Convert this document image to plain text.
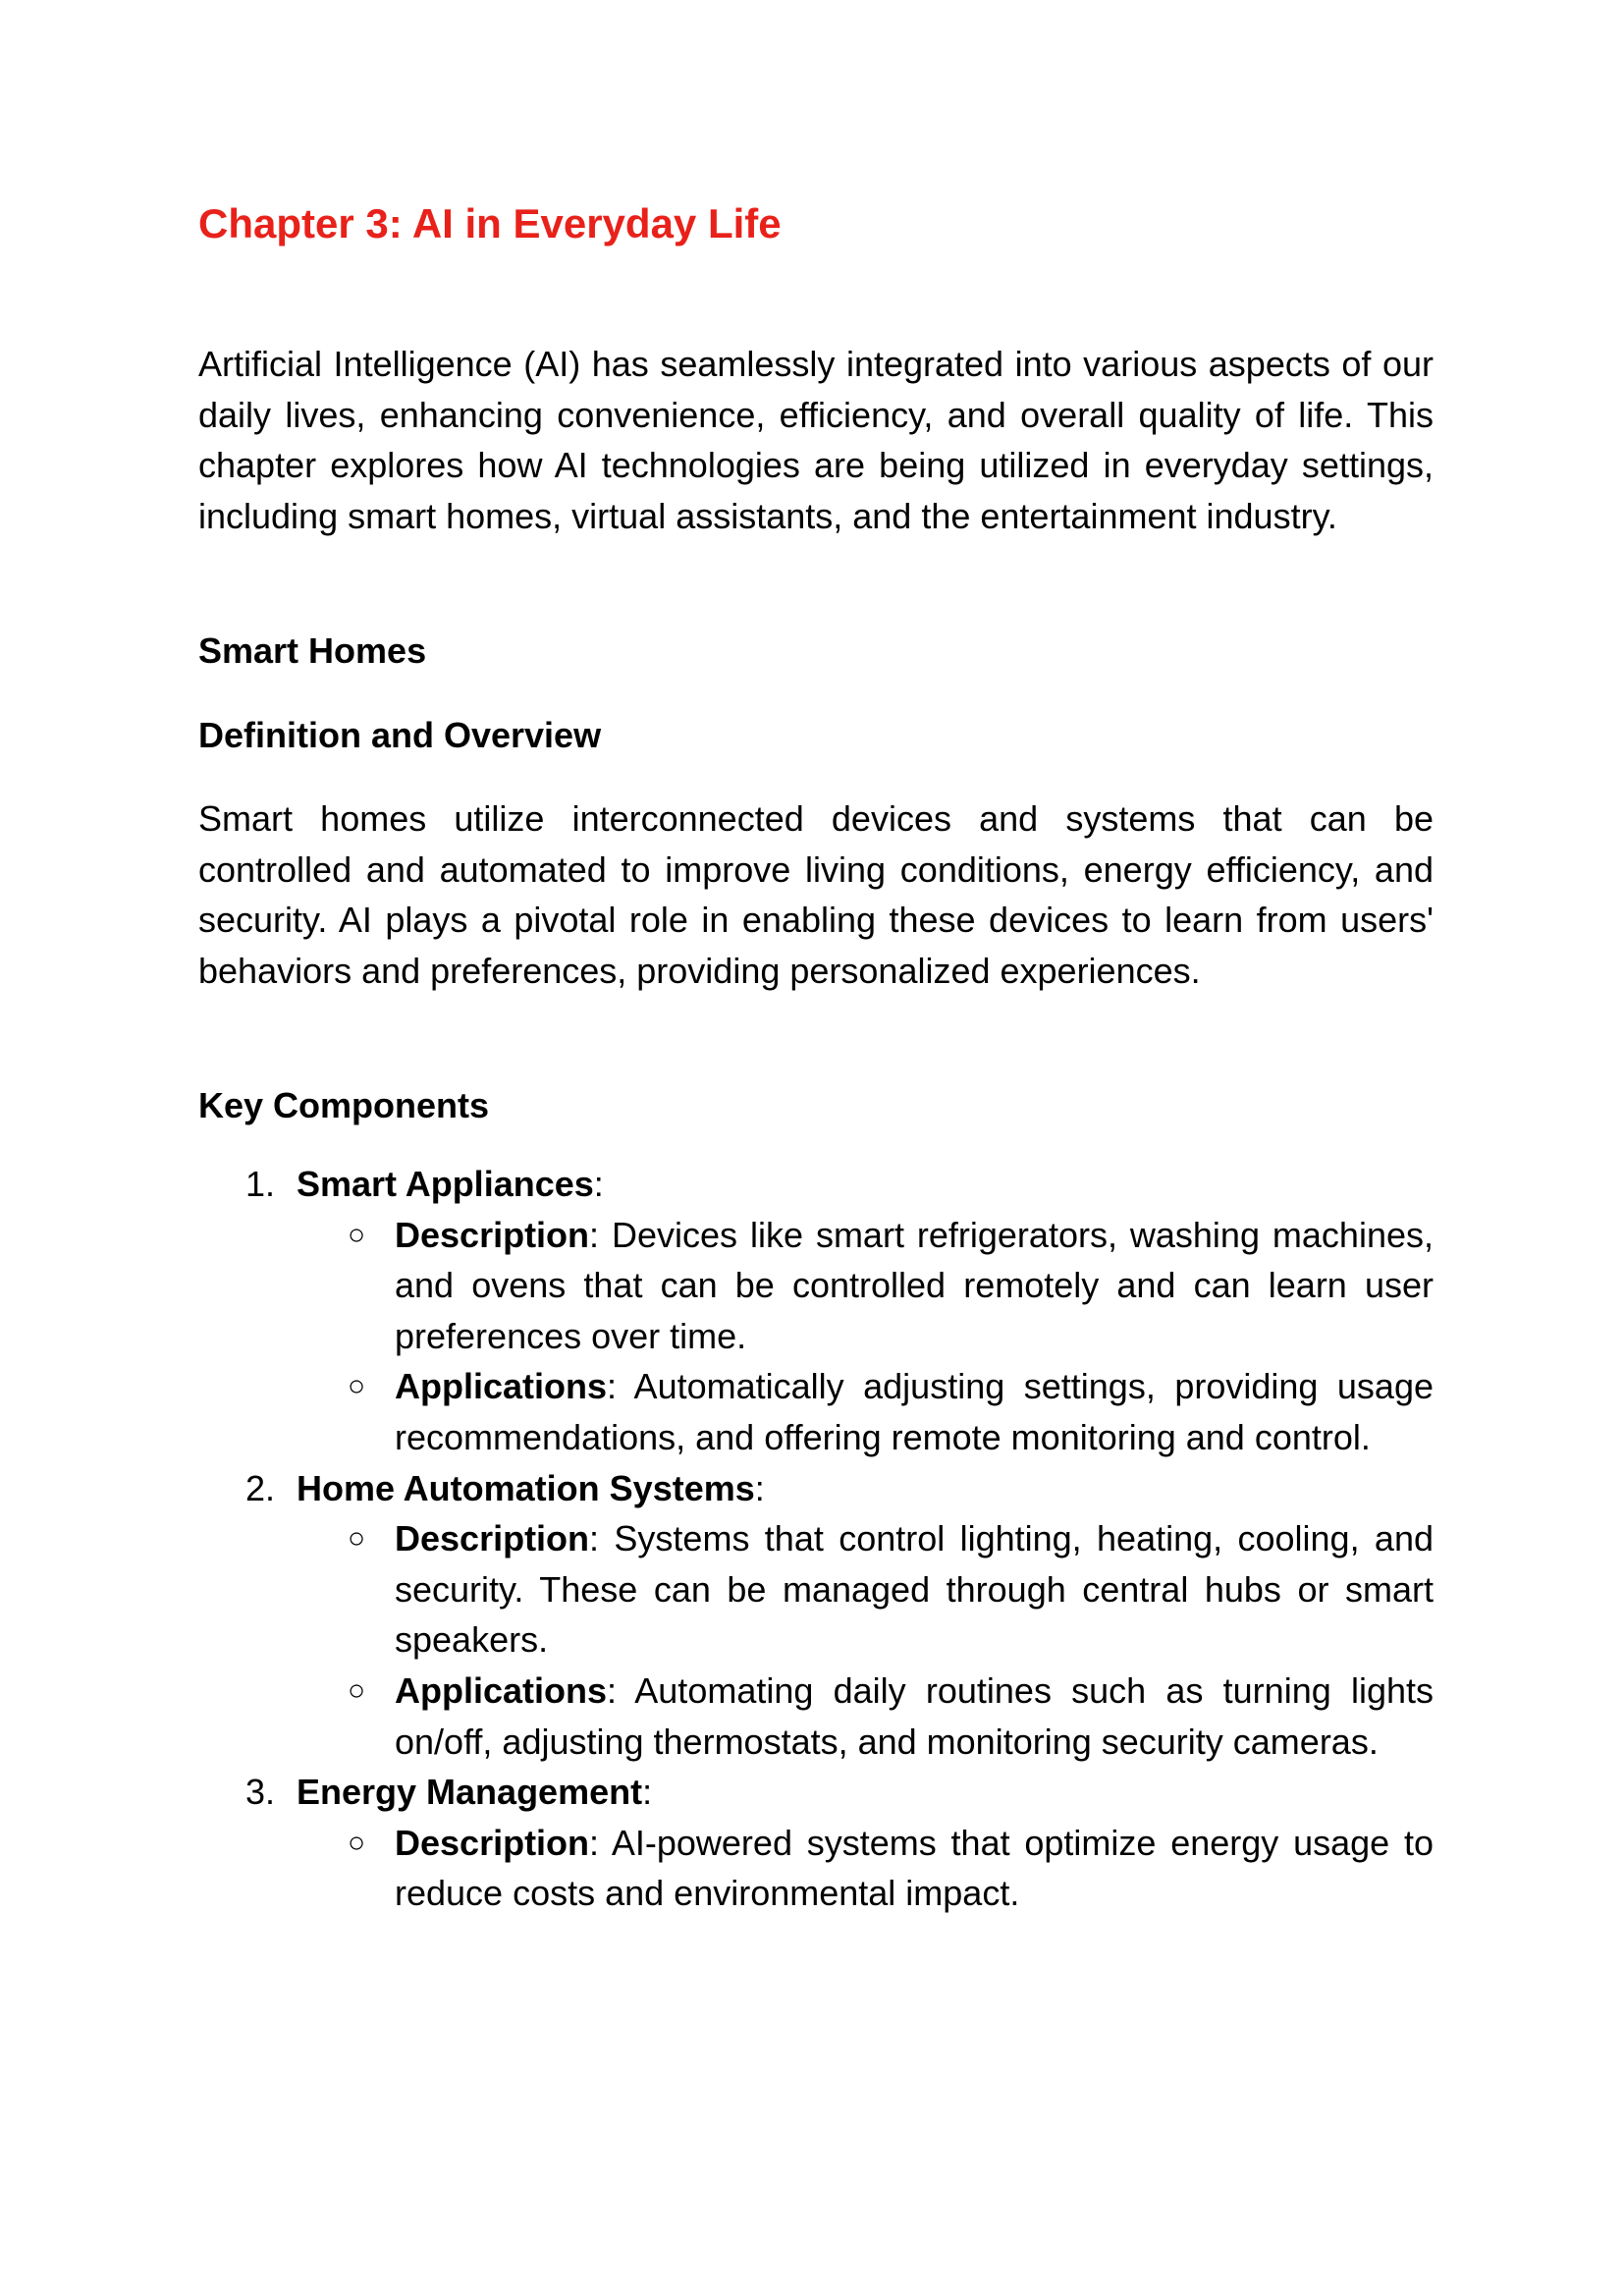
Chapter 3: AI in Everyday Life

Artificial Intelligence (AI) has seamlessly integrated into various aspects of our daily lives, enhancing convenience, efficiency, and overall quality of life. This chapter explores how AI technologies are being utilized in everyday settings, including smart homes, virtual assistants, and the entertainment industry.

Smart Homes
Definition and Overview

Smart homes utilize interconnected devices and systems that can be controlled and automated to improve living conditions, energy efficiency, and security. AI plays a pivotal role in enabling these devices to learn from users' behaviors and preferences, providing personalized experiences.

Key Components
1. Smart Appliances:
○ Description: Devices like smart refrigerators, washing machines, and ovens that can be controlled remotely and can learn user preferences over time.
○ Applications: Automatically adjusting settings, providing usage recommendations, and offering remote monitoring and control.
2. Home Automation Systems:
○ Description: Systems that control lighting, heating, cooling, and security. These can be managed through central hubs or smart speakers.
○ Applications: Automating daily routines such as turning lights on/off, adjusting thermostats, and monitoring security cameras.
3. Energy Management:
○ Description: AI-powered systems that optimize energy usage to reduce costs and environmental impact.
